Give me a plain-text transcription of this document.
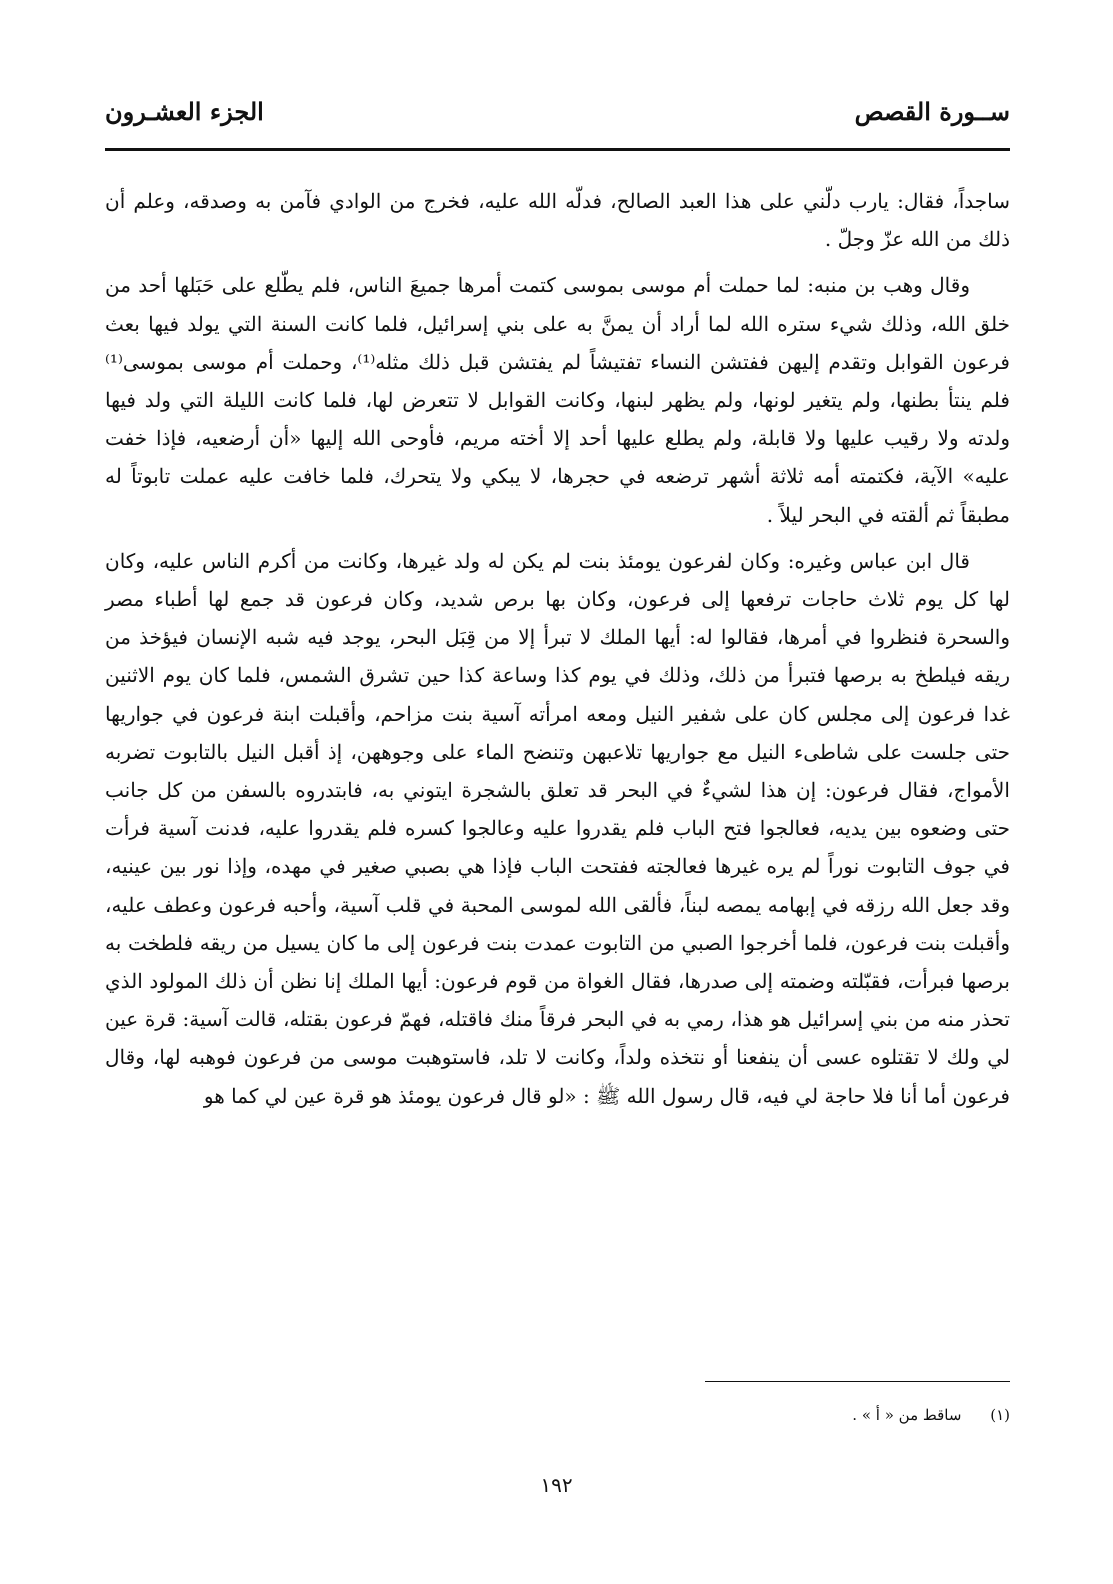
ســورة القصص
الجزء العشـرون

ساجداً، فقال: يارب دلّني على هذا العبد الصالح، فدلّه الله عليه، فخرج من الوادي فآمن به وصدقه، وعلم أن ذلك من الله عزّ وجلّ .

وقال وهب بن منبه: لما حملت أم موسى بموسى كتمت أمرها جميعَ الناس، فلم يطّلع على حَبَلها أحد من خلق الله، وذلك شيء ستره الله لما أراد أن يمنَّ به على بني إسرائيل، فلما كانت السنة التي يولد فيها بعث فرعون القوابل وتقدم إليهن ففتشن النساء تفتيشاً لم يفتشن قبل ذلك مثله⁽¹⁾، وحملت أم موسى بموسى⁽¹⁾ فلم ينتأ بطنها، ولم يتغير لونها، ولم يظهر لبنها، وكانت القوابل لا تتعرض لها، فلما كانت الليلة التي ولد فيها ولدته ولا رقيب عليها ولا قابلة، ولم يطلع عليها أحد إلا أخته مريم، فأوحى الله إليها «أن أرضعيه، فإذا خفت عليه» الآية، فكتمته أمه ثلاثة أشهر ترضعه في حجرها، لا يبكي ولا يتحرك، فلما خافت عليه عملت تابوتاً له مطبقاً ثم ألقته في البحر ليلاً .

قال ابن عباس وغيره: وكان لفرعون يومئذ بنت لم يكن له ولد غيرها، وكانت من أكرم الناس عليه، وكان لها كل يوم ثلاث حاجات ترفعها إلى فرعون، وكان بها برص شديد، وكان فرعون قد جمع لها أطباء مصر والسحرة فنظروا في أمرها، فقالوا له: أيها الملك لا تبرأ إلا من قِبَل البحر، يوجد فيه شبه الإنسان فيؤخذ من ريقه فيلطخ به برصها فتبرأ من ذلك، وذلك في يوم كذا وساعة كذا حين تشرق الشمس، فلما كان يوم الاثنين غدا فرعون إلى مجلس كان على شفير النيل ومعه امرأته آسية بنت مزاحم، وأقبلت ابنة فرعون في جواريها حتى جلست على شاطىء النيل مع جواريها تلاعبهن وتنضح الماء على وجوههن، إذ أقبل النيل بالتابوت تضربه الأمواج، فقال فرعون: إن هذا لشيءٌ في البحر قد تعلق بالشجرة ايتوني به، فابتدروه بالسفن من كل جانب حتى وضعوه بين يديه، فعالجوا فتح الباب فلم يقدروا عليه وعالجوا كسره فلم يقدروا عليه، فدنت آسية فرأت في جوف التابوت نوراً لم يره غيرها فعالجته ففتحت الباب فإذا هي بصبي صغير في مهده، وإذا نور بين عينيه، وقد جعل الله رزقه في إبهامه يمصه لبناً، فألقى الله لموسى المحبة في قلب آسية، وأحبه فرعون وعطف عليه، وأقبلت بنت فرعون، فلما أخرجوا الصبي من التابوت عمدت بنت فرعون إلى ما كان يسيل من ريقه فلطخت به برصها فبرأت، فقبّلته وضمته إلى صدرها، فقال الغواة من قوم فرعون: أيها الملك إنا نظن أن ذلك المولود الذي تحذر منه من بني إسرائيل هو هذا، رمي به في البحر فرقاً منك فاقتله، فهمّ فرعون بقتله، قالت آسية: قرة عين لي ولك لا تقتلوه عسى أن ينفعنا أو نتخذه ولداً، وكانت لا تلد، فاستوهبت موسى من فرعون فوهبه لها، وقال فرعون أما أنا فلا حاجة لي فيه، قال رسول الله ﷺ : «لو قال فرعون يومئذ هو قرة عين لي كما هو

(١) ساقط من « أ » .
١٩٢
